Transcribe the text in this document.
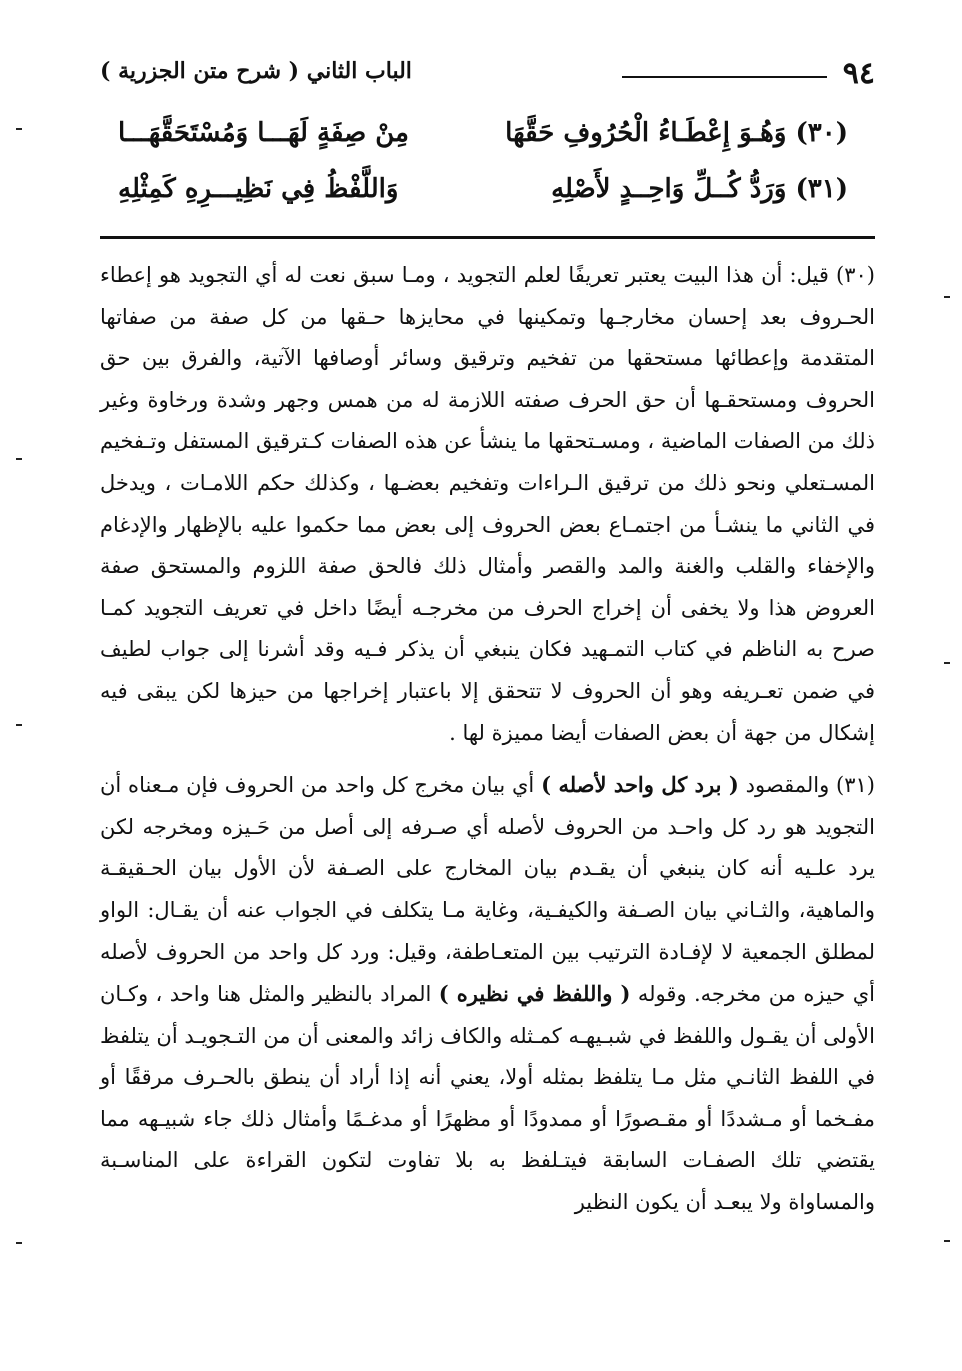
٩٤
الباب الثاني ( شرح متن الجزرية )
(٣٠) وَهُـوَ إِعْطَـاءُ الْحُرُوفِ حَقَّهَا
مِنْ صِفَةٍ لَهَـــا وَمُسْتَحَقَّهَـــا
(٣١) وَرَدُّ كُــلِّ وَاحِــدٍ لأَصْلِهِ
وَاللَّفْظُ فِي نَظِيـــرِهِ كَمِثْلِهِ

(٣٠) قيل: أن هذا البيت يعتبر تعريفًا لعلم التجويد ، ومـا سبق نعت له أي التجويد هو إعطاء الحـروف بعد إحسان مخارجـها وتمكينها في محايزها حـقها من كل صفة من صفاتها المتقدمة وإعطائها مستحقها من تفخيم وترقيق وسائر أوصافها الآتية، والفرق بين حق الحروف ومستحقـها أن حق الحرف صفته اللازمة له من همس وجهر وشدة ورخاوة وغير ذلك من الصفات الماضية ، ومسـتحقها ما ينشأ عن هذه الصفات كـترقيق المستفل وتـفخيم المسـتعلي ونحو ذلك من ترقيق الـراءات وتفخيم بعضـها ، وكذلك حكم اللامـات ، ويدخل في الثاني ما ينشـأ من اجتمـاع بعض الحروف إلى بعض مما حكموا عليه بالإظهار والإدغام والإخفاء والقلب والغنة والمد والقصر وأمثال ذلك فالحق صفة اللزوم والمستحق صفة العروض هذا ولا يخفى أن إخراج الحرف من مخرجـه أيضًا داخل في تعريف التجويد كمـا صرح به الناظم في كتاب التمـهيد فكان ينبغي أن يذكر فـيه وقد أشرنا إلى جواب لطيف في ضمن تعـريفه وهو أن الحروف لا تتحقق إلا باعتبار إخراجها من حيزها لكن يبقى فيه إشكال من جهة أن بعض الصفات أيضا مميزة لها .

(٣١) والمقصود ( برد كل واحد لأصله ) أي بيان مخرج كل واحد من الحروف فإن مـعناه أن التجويد هو رد كل واحـد من الحروف لأصله أي صـرفه إلى أصل من حَـيزه ومخرجه لكن يرد علـيه أنه كان ينبغي أن يقـدم بيان المخارج على الصـفة لأن الأول بيان الحـقيقـة والماهية، والثـاني بيان الصـفة والكيفـية، وغاية مـا يتكلف في الجواب عنه أن يقـال: الواو لمطلق الجمعية لا لإفـادة الترتيب بين المتعـاطفة، وقيل: ورد كل واحد من الحروف لأصله أي حيزه من مخرجه. وقوله ( واللفظ في نظيره ) المراد بالنظير والمثل هنا واحد ، وكـان الأولى أن يقـول واللفظ في شبـيهـه كمـثله والكاف زائد والمعنى أن من التـجويـد أن يتلفظ في اللفظ الثانـي مثل مـا يتلفظ بمثله أولا، يعني أنه إذا أراد أن ينطق بالحـرف مرققًا أو مفـخما أو مـشددًا أو مقـصورًا أو ممدودًا أو مظهرًا أو مدغـمًا وأمثال ذلك جاء شبيـهه مما يقتضي تلك الصفـات السابقة فيتـلفظ به بلا تفاوت لتكون القراءة على المناسـبة والمساواة ولا يبعـد أن يكون النظير
